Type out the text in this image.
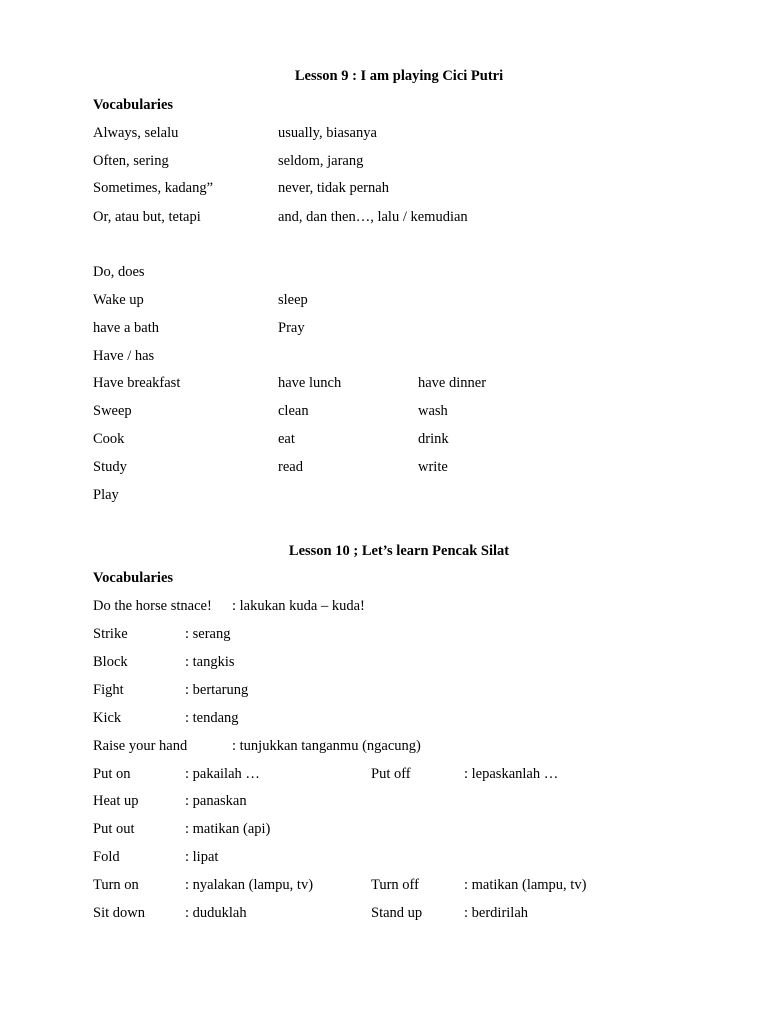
Lesson 9 : I am playing Cici Putri
Vocabularies
Always, selalu	usually, biasanya
Often, sering	seldom, jarang
Sometimes, kadang”	never, tidak pernah
Or, atau but, tetapi	and, dan then…, lalu / kemudian
Do, does
Wake up	sleep
have a bath	Pray
Have / has
Have breakfast	have lunch	have dinner
Sweep	clean	wash
Cook	eat	drink
Study	read	write
Play
Lesson 10 ; Let’s learn Pencak Silat
Vocabularies
Do the horse stnace! : lakukan kuda – kuda!
Strike	: serang
Block	: tangkis
Fight	: bertarung
Kick	: tendang
Raise your hand	: tunjukkan tanganmu (ngacung)
Put on	: pakailah …	Put off	: lepaskanlah …
Heat up	: panaskan
Put out	: matikan (api)
Fold	: lipat
Turn on	: nyalakan (lampu, tv)	Turn off	: matikan (lampu, tv)
Sit down	: duduklah	Stand up	: berdirilah
